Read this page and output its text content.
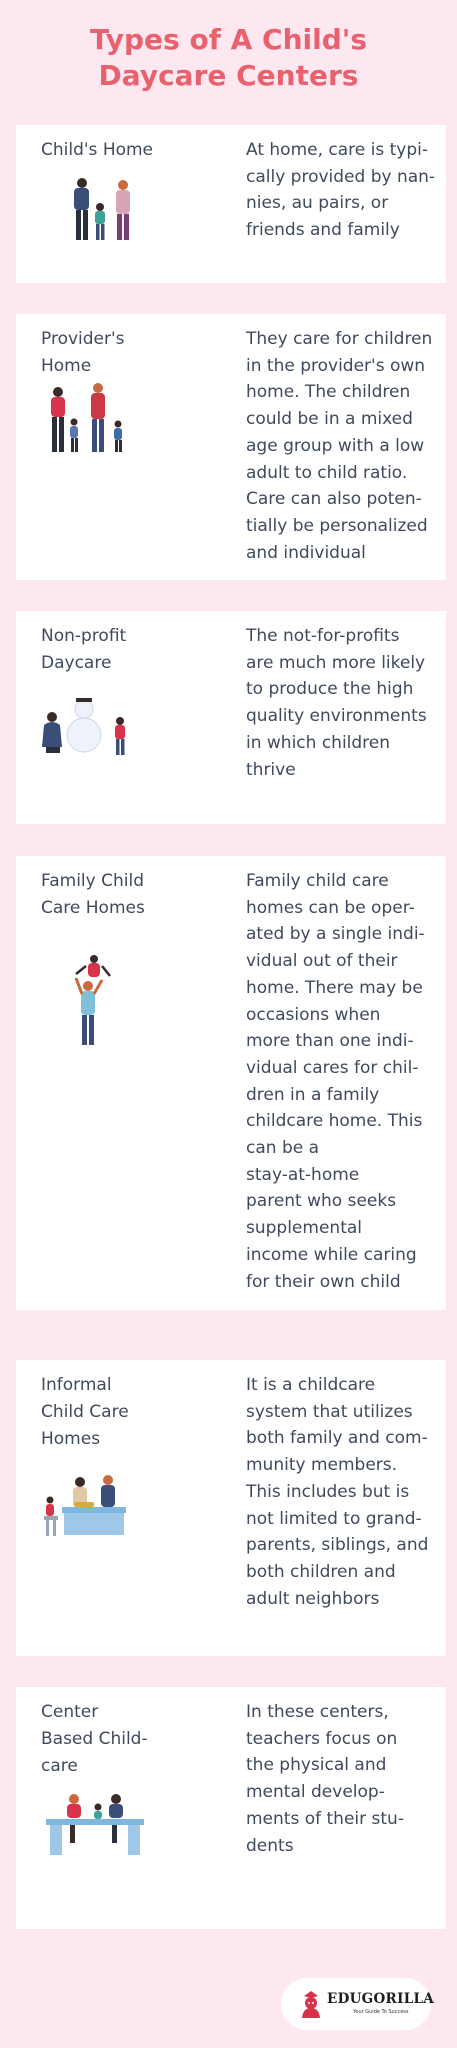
Types of A Child's
Daycare Centers
Child's Home	At home, care is typi-
cally provided by nan-
nies, au pairs, or
friends and family
Provider's
Home
They care for children
in the provider's own
home. The children
could be in a mixed
age group with a low
adult to child ratio.
Care can also poten-
tially be personalized
and individual
Non-profit
Daycare
The not-for-profits
are much more likely
to produce the high
quality environments
in which children
thrive
Family Child
Care Homes
Family child care
homes can be oper-
ated by a single indi-
vidual out of their
home. There may be
occasions when
more than one indi-
vidual cares for chil-
dren in a family
childcare home. This
can be a
stay-at-home
parent who seeks
supplemental
income while caring
for their own child
Informal
Child Care
Homes
It is a childcare
system that utilizes
both family and com-
munity members.
This includes but is
not limited to grand-
parents, siblings, and
both children and
adult neighbors
Center
Based Child-
care
In these centers,
teachers focus on
the physical and
mental develop-
ments of their stu-
dents
EDUGORILLA
Your Guide To Success
